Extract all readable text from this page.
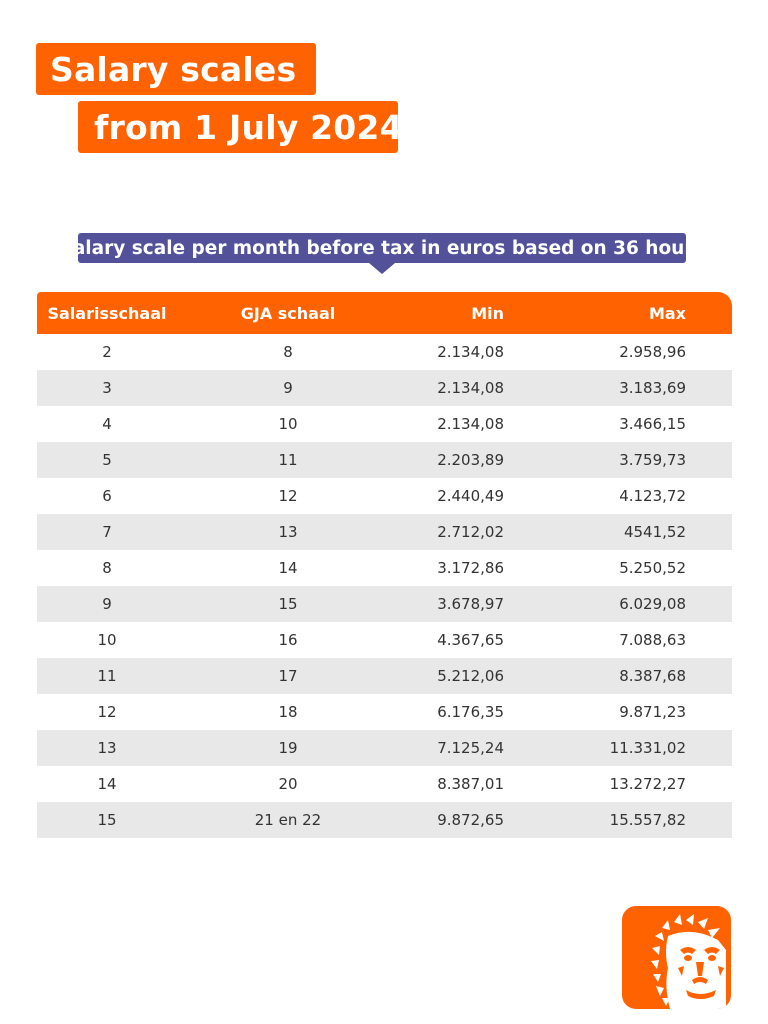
Salary scales
from 1 July 2024
Salary scale per month before tax in euros based on 36 hours
Salarisschaal	GJA schaal	Min	Max
2	8	2.134,08	2.958,96
3	9	2.134,08	3.183,69
4	10	2.134,08	3.466,15
5	11	2.203,89	3.759,73
6	12	2.440,49	4.123,72
7	13	2.712,02	4541,52
8	14	3.172,86	5.250,52
9	15	3.678,97	6.029,08
10	16	4.367,65	7.088,63
11	17	5.212,06	8.387,68
12	18	6.176,35	9.871,23
13	19	7.125,24	11.331,02
14	20	8.387,01	13.272,27
15	21 en 22	9.872,65	15.557,82
